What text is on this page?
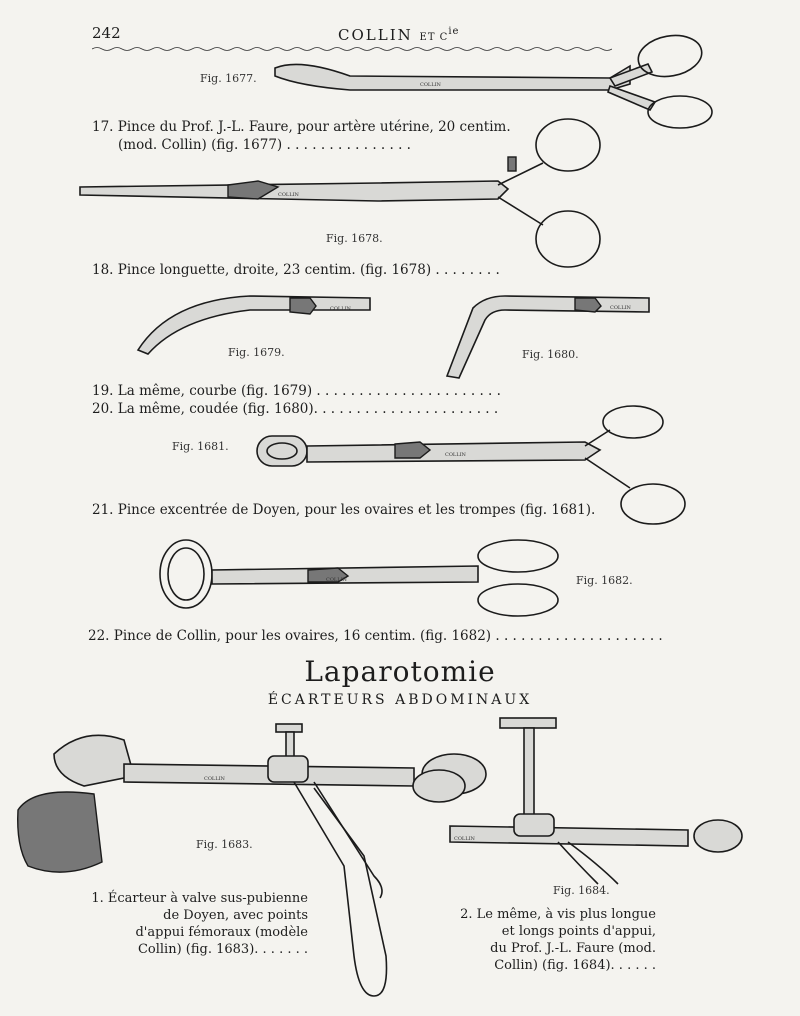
242	COLLIN ET $C^{ie}$
COLLIN
Fig. 1677.
17. Pince du Prof. J.-L. Faure, pour artère utérine, 20 centim.
(mod. Collin) (fig. 1677) . . . . . . . . . . . . . . .
COLLIN
Fig. 1678.
18. Pince longuette, droite, 23 centim. (fig. 1678) . . . . . . . .
COLLIN
Fig. 1679.
COLLIN
Fig. 1680.
19. La même, courbe (fig. 1679) . . . . . . . . . . . . . . . . . . . . . .
20. La même, coudée (fig. 1680). . . . . . . . . . . . . . . . . . . . . .
COLLIN
Fig. 1681.
21. Pince excentrée de Doyen, pour les ovaires et les trompes (fig. 1681).
COLLIN	Fig. 1682.
22. Pince de Collin, pour les ovaires, 16 centim. (fig. 1682) . . . . . . . . . . . . . . . . . . . .
Laparotomie
ÉCARTEURS ABDOMINAUX
COLLIN
Fig. 1683.	COLLIN
Fig. 1684.
1. Écarteur à valve sus-pubienne
de Doyen, avec points
d'appui fémoraux (modèle
Collin) (fig. 1683). . . . . . .
2. Le même, à vis plus longue
et longs points d'appui,
du Prof. J.-L. Faure (mod.
Collin) (fig. 1684). . . . . .
